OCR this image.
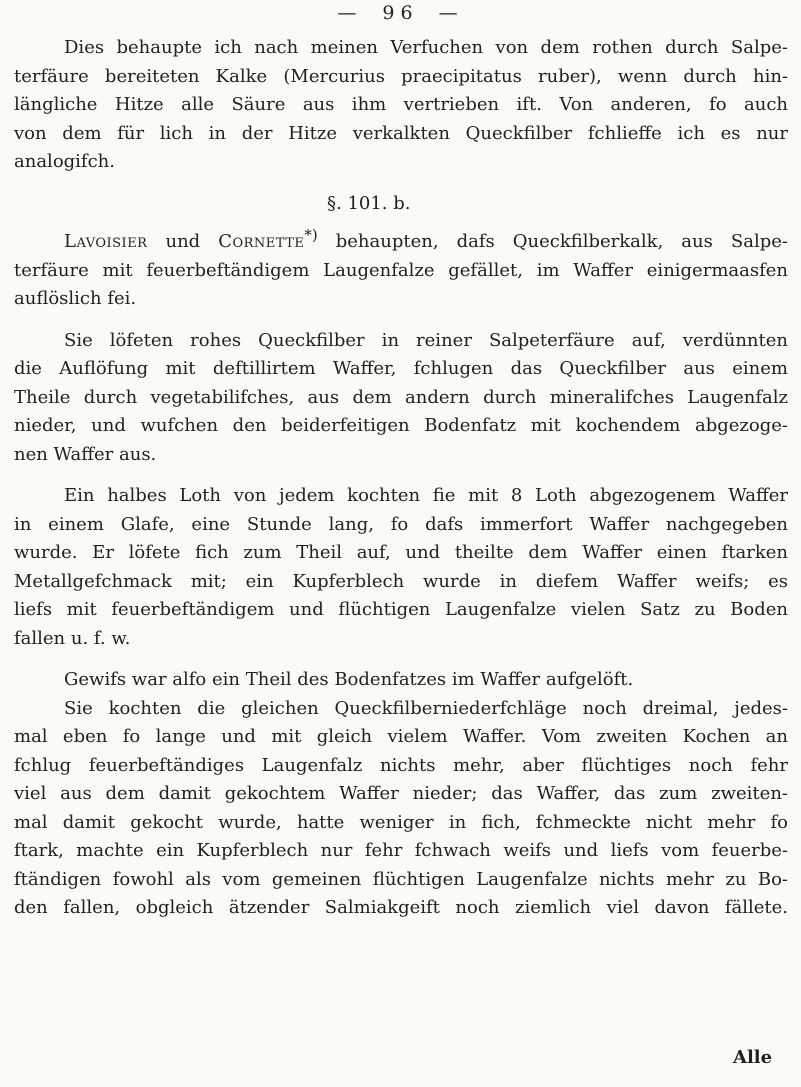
— 96 —
Dies behaupte ich nach meinen Verfuchen von dem rothen durch Salpe-
terfäure bereiteten Kalke (Mercurius praecipitatus ruber), wenn durch hin-
längliche Hitze alle Säure aus ihm vertrieben ift. Von anderen, fo auch
von dem für lich in der Hitze verkalkten Queckfilber fchlieffe ich es nur
analogifch.
§. 101. b.
Lavoisier und Cornette*) behaupten, dafs Queckfilberkalk, aus Salpe-
terfäure mit feuerbeftändigem Laugenfalze gefället, im Waffer einigermaasfen
auflöslich fei.
Sie löfeten rohes Queckfilber in reiner Salpeterfäure auf, verdünnten
die Auflöfung mit deftillirtem Waffer, fchlugen das Queckfilber aus einem
Theile durch vegetabilifches, aus dem andern durch mineralifches Laugenfalz
nieder, und wufchen den beiderfeitigen Bodenfatz mit kochendem abgezoge-
nen Waffer aus.
Ein halbes Loth von jedem kochten fie mit 8 Loth abgezogenem Waffer
in einem Glafe, eine Stunde lang, fo dafs immerfort Waffer nachgegeben
wurde. Er löfete fich zum Theil auf, und theilte dem Waffer einen ftarken
Metallgefchmack mit; ein Kupferblech wurde in diefem Waffer weifs; es
liefs mit feuerbeftändigem und flüchtigen Laugenfalze vielen Satz zu Boden
fallen u. f. w.
Gewifs war alfo ein Theil des Bodenfatzes im Waffer aufgelöft.
Sie kochten die gleichen Queckfilberniederfchläge noch dreimal, jedes-
mal eben fo lange und mit gleich vielem Waffer. Vom zweiten Kochen an
fchlug feuerbeftändiges Laugenfalz nichts mehr, aber flüchtiges noch fehr
viel aus dem damit gekochtem Waffer nieder; das Waffer, das zum zweiten-
mal damit gekocht wurde, hatte weniger in fich, fchmeckte nicht mehr fo
ftark, machte ein Kupferblech nur fehr fchwach weifs und liefs vom feuerbe-
ftändigen fowohl als vom gemeinen flüchtigen Laugenfalze nichts mehr zu Bo-
den fallen, obgleich ätzender Salmiakgeift noch ziemlich viel davon fällete.
Alle
